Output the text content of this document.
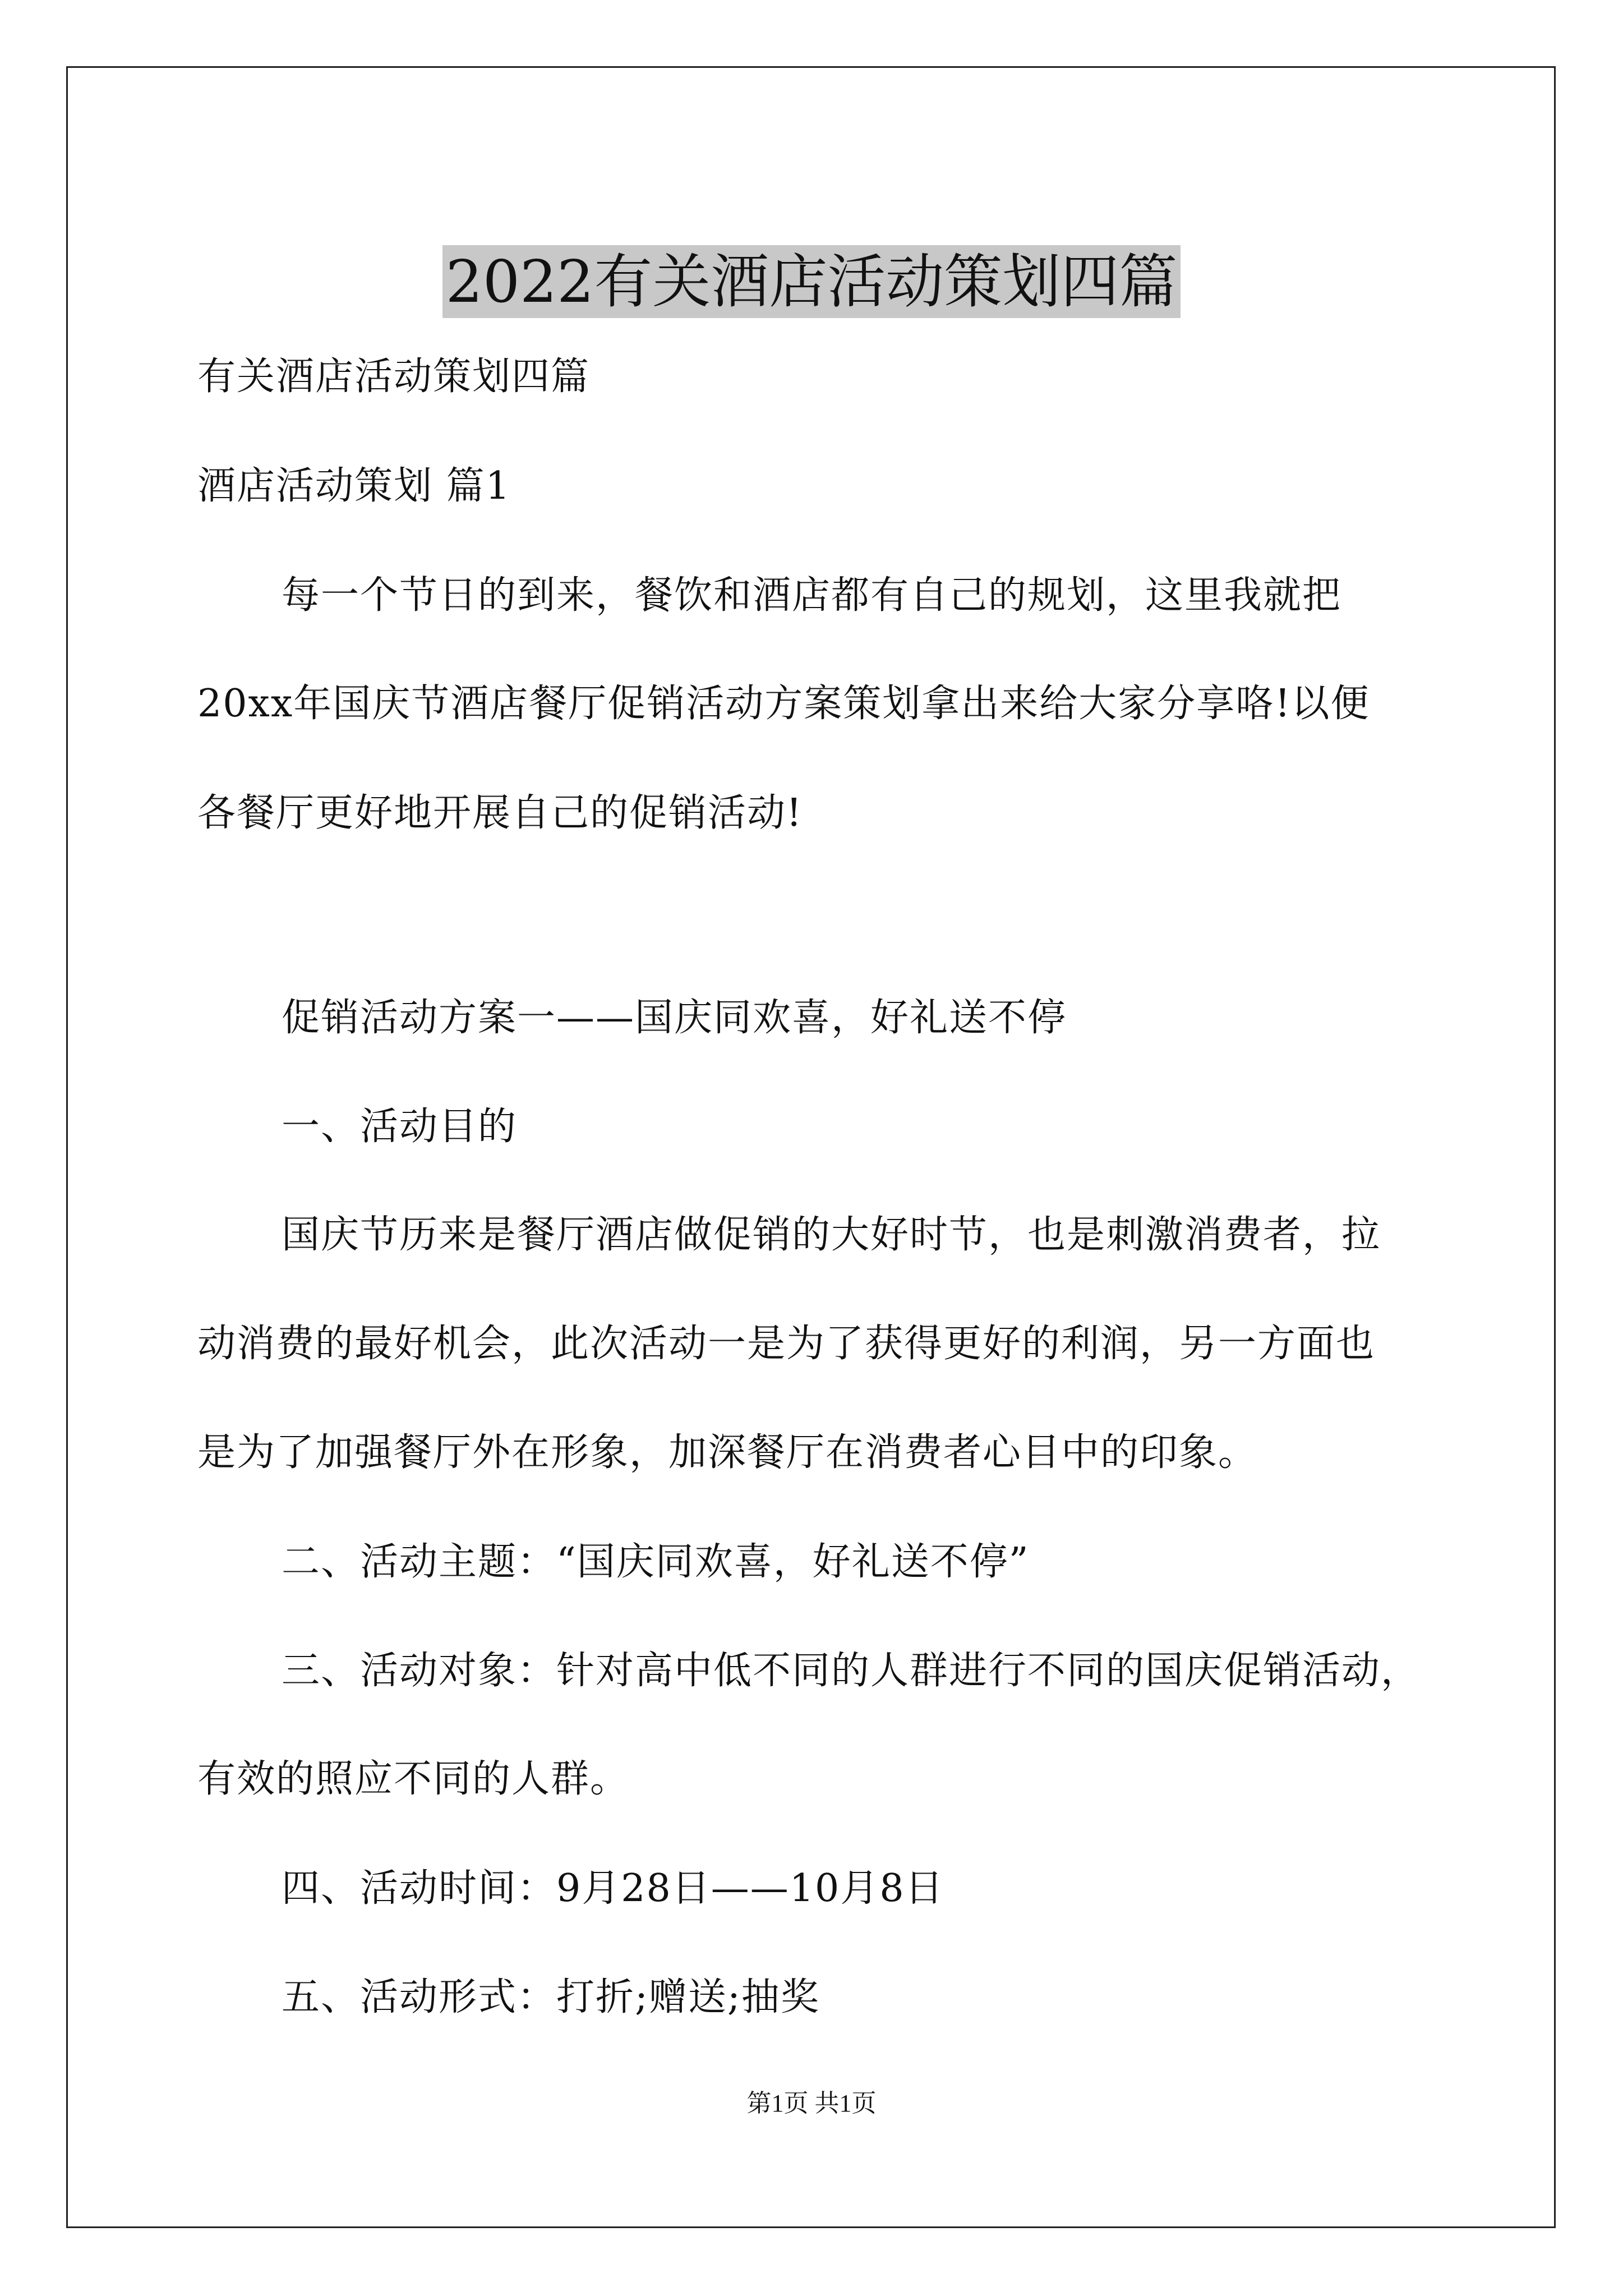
2022有关酒店活动策划四篇
有关酒店活动策划四篇
酒店活动策划 篇1
每一个节日的到来，餐饮和酒店都有自己的规划，这里我就把
20xx年国庆节酒店餐厅促销活动方案策划拿出来给大家分享咯!以便
各餐厅更好地开展自己的促销活动!
促销活动方案一——国庆同欢喜，好礼送不停
一、活动目的
国庆节历来是餐厅酒店做促销的大好时节，也是刺激消费者，拉
动消费的最好机会，此次活动一是为了获得更好的利润，另一方面也
是为了加强餐厅外在形象，加深餐厅在消费者心目中的印象。
二、活动主题：“国庆同欢喜，好礼送不停”
三、活动对象：针对高中低不同的人群进行不同的国庆促销活动，
有效的照应不同的人群。
四、活动时间：9月28日——10月8日
五、活动形式：打折;赠送;抽奖
第1页 共1页
